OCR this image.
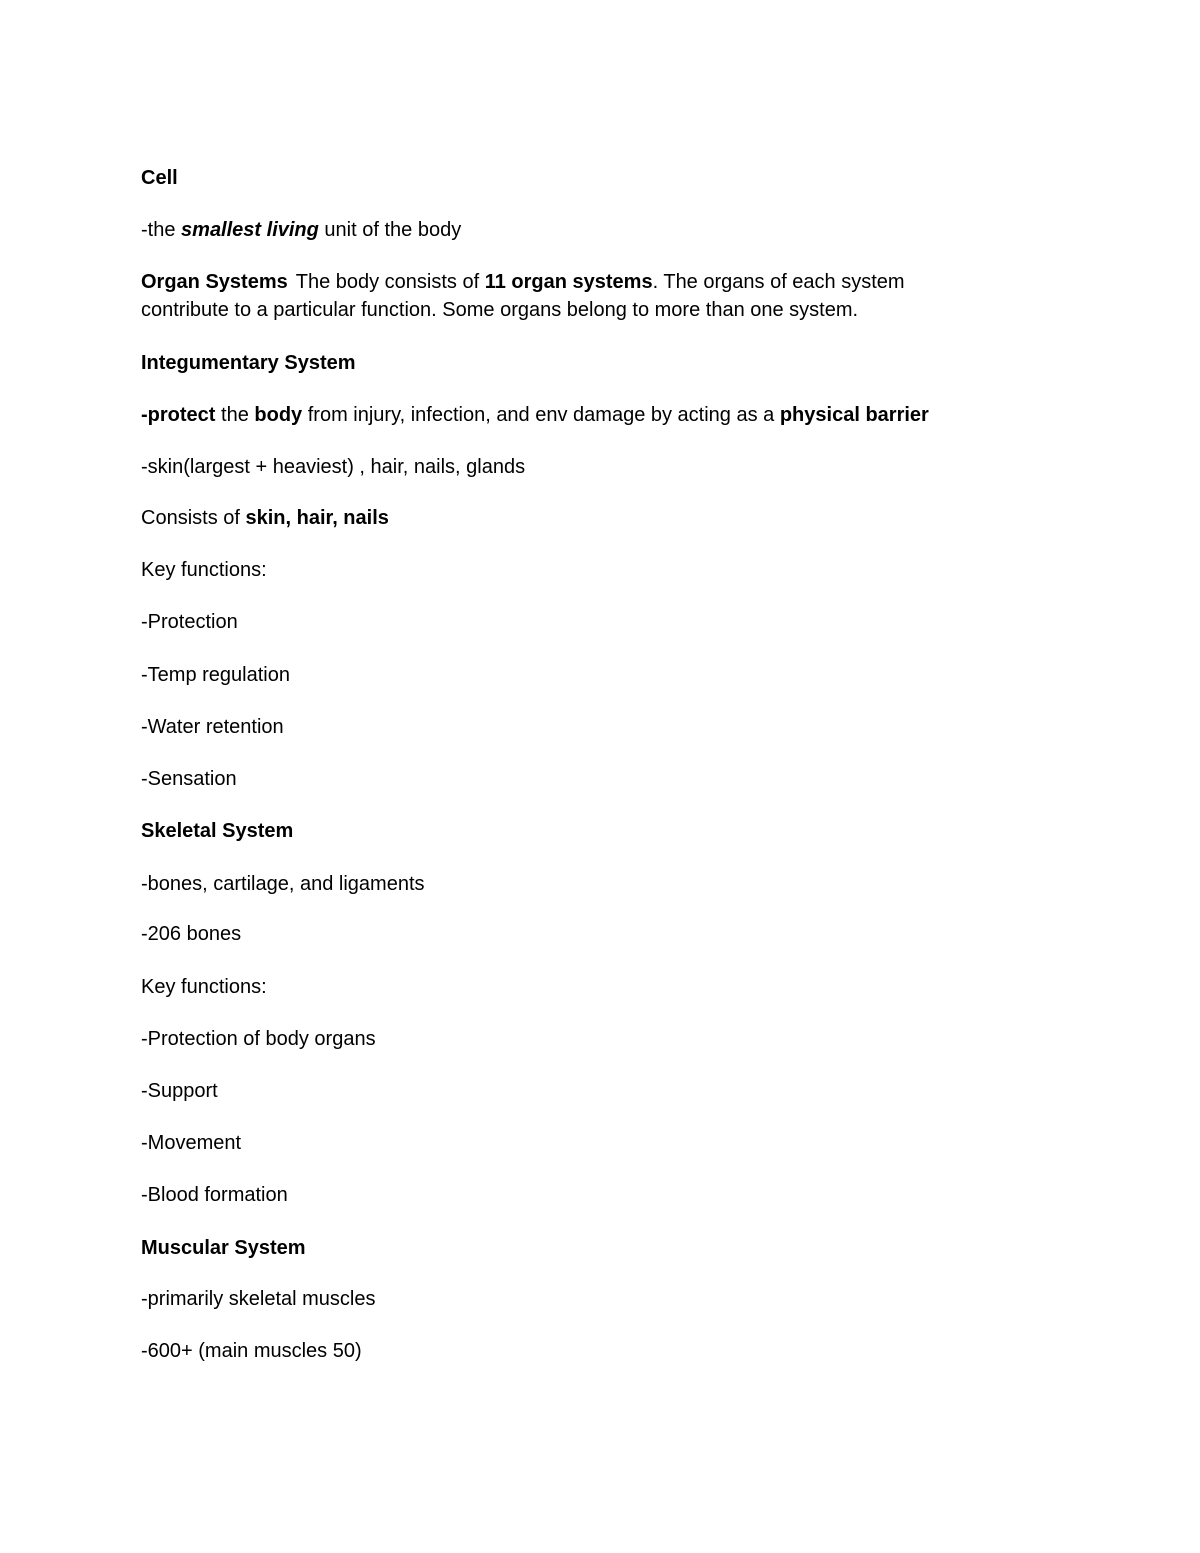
Cell
-the smallest living unit of the body
Organ Systems The body consists of 11 organ systems. The organs of each system
contribute to a particular function. Some organs belong to more than one system.
Integumentary System
-protect the body from injury, infection, and env damage by acting as a physical barrier
-skin(largest + heaviest) , hair, nails, glands
Consists of skin, hair, nails
Key functions:
-Protection
-Temp regulation
-Water retention
-Sensation
Skeletal System
-bones, cartilage, and ligaments
-206 bones
Key functions:
-Protection of body organs
-Support
-Movement
-Blood formation
Muscular System
-primarily skeletal muscles
-600+ (main muscles 50)
